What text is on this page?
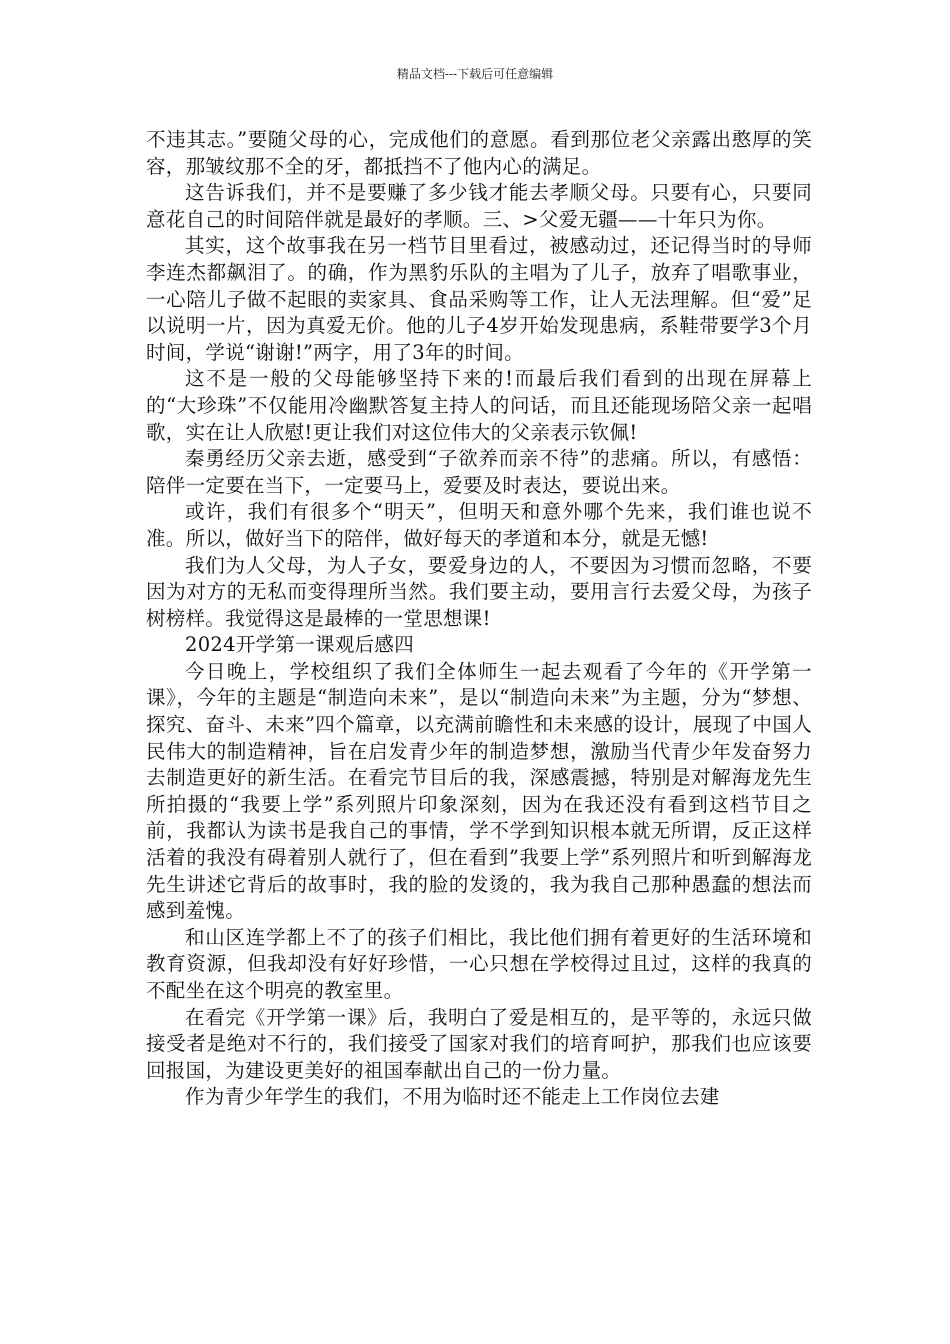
精品文档---下载后可任意编辑

不违其志。”要随父母的心，完成他们的意愿。看到那位老父亲露出憨厚的笑容，那皱纹那不全的牙，都抵挡不了他内心的满足。

这告诉我们，并不是要赚了多少钱才能去孝顺父母。只要有心，只要同意花自己的时间陪伴就是最好的孝顺。三、>父爱无疆——十年只为你。

其实，这个故事我在另一档节目里看过，被感动过，还记得当时的导师李连杰都飙泪了。的确，作为黑豹乐队的主唱为了儿子，放弃了唱歌事业，一心陪儿子做不起眼的卖家具、食品采购等工作，让人无法理解。但“爱”足以说明一片，因为真爱无价。他的儿子4岁开始发现患病，系鞋带要学3个月时间，学说“谢谢!”两字，用了3年的时间。

这不是一般的父母能够坚持下来的!而最后我们看到的出现在屏幕上的“大珍珠”不仅能用冷幽默答复主持人的问话，而且还能现场陪父亲一起唱歌，实在让人欣慰!更让我们对这位伟大的父亲表示钦佩!

秦勇经历父亲去逝，感受到“子欲养而亲不待”的悲痛。所以，有感悟：陪伴一定要在当下，一定要马上，爱要及时表达，要说出来。

或许，我们有很多个“明天”，但明天和意外哪个先来，我们谁也说不准。所以，做好当下的陪伴，做好每天的孝道和本分，就是无憾!

我们为人父母，为人子女，要爱身边的人，不要因为习惯而忽略，不要因为对方的无私而变得理所当然。我们要主动，要用言行去爱父母，为孩子树榜样。我觉得这是最棒的一堂思想课!

2024开学第一课观后感四

今日晚上，学校组织了我们全体师生一起去观看了今年的《开学第一课》，今年的主题是“制造向未来”，是以“制造向未来”为主题，分为“梦想、探究、奋斗、未来”四个篇章，以充满前瞻性和未来感的设计，展现了中国人民伟大的制造精神，旨在启发青少年的制造梦想，激励当代青少年发奋努力去制造更好的新生活。在看完节目后的我，深感震撼，特别是对解海龙先生所拍摄的“我要上学”系列照片印象深刻，因为在我还没有看到这档节目之前，我都认为读书是我自己的事情，学不学到知识根本就无所谓，反正这样活着的我没有碍着别人就行了，但在看到”我要上学”系列照片和听到解海龙先生讲述它背后的故事时，我的脸的发烫的，我为我自己那种愚蠢的想法而感到羞愧。

和山区连学都上不了的孩子们相比，我比他们拥有着更好的生活环境和教育资源，但我却没有好好珍惜，一心只想在学校得过且过，这样的我真的不配坐在这个明亮的教室里。

在看完《开学第一课》后，我明白了爱是相互的，是平等的，永远只做接受者是绝对不行的，我们接受了国家对我们的培育呵护，那我们也应该要回报国，为建设更美好的祖国奉献出自己的一份力量。

作为青少年学生的我们，不用为临时还不能走上工作岗位去建
